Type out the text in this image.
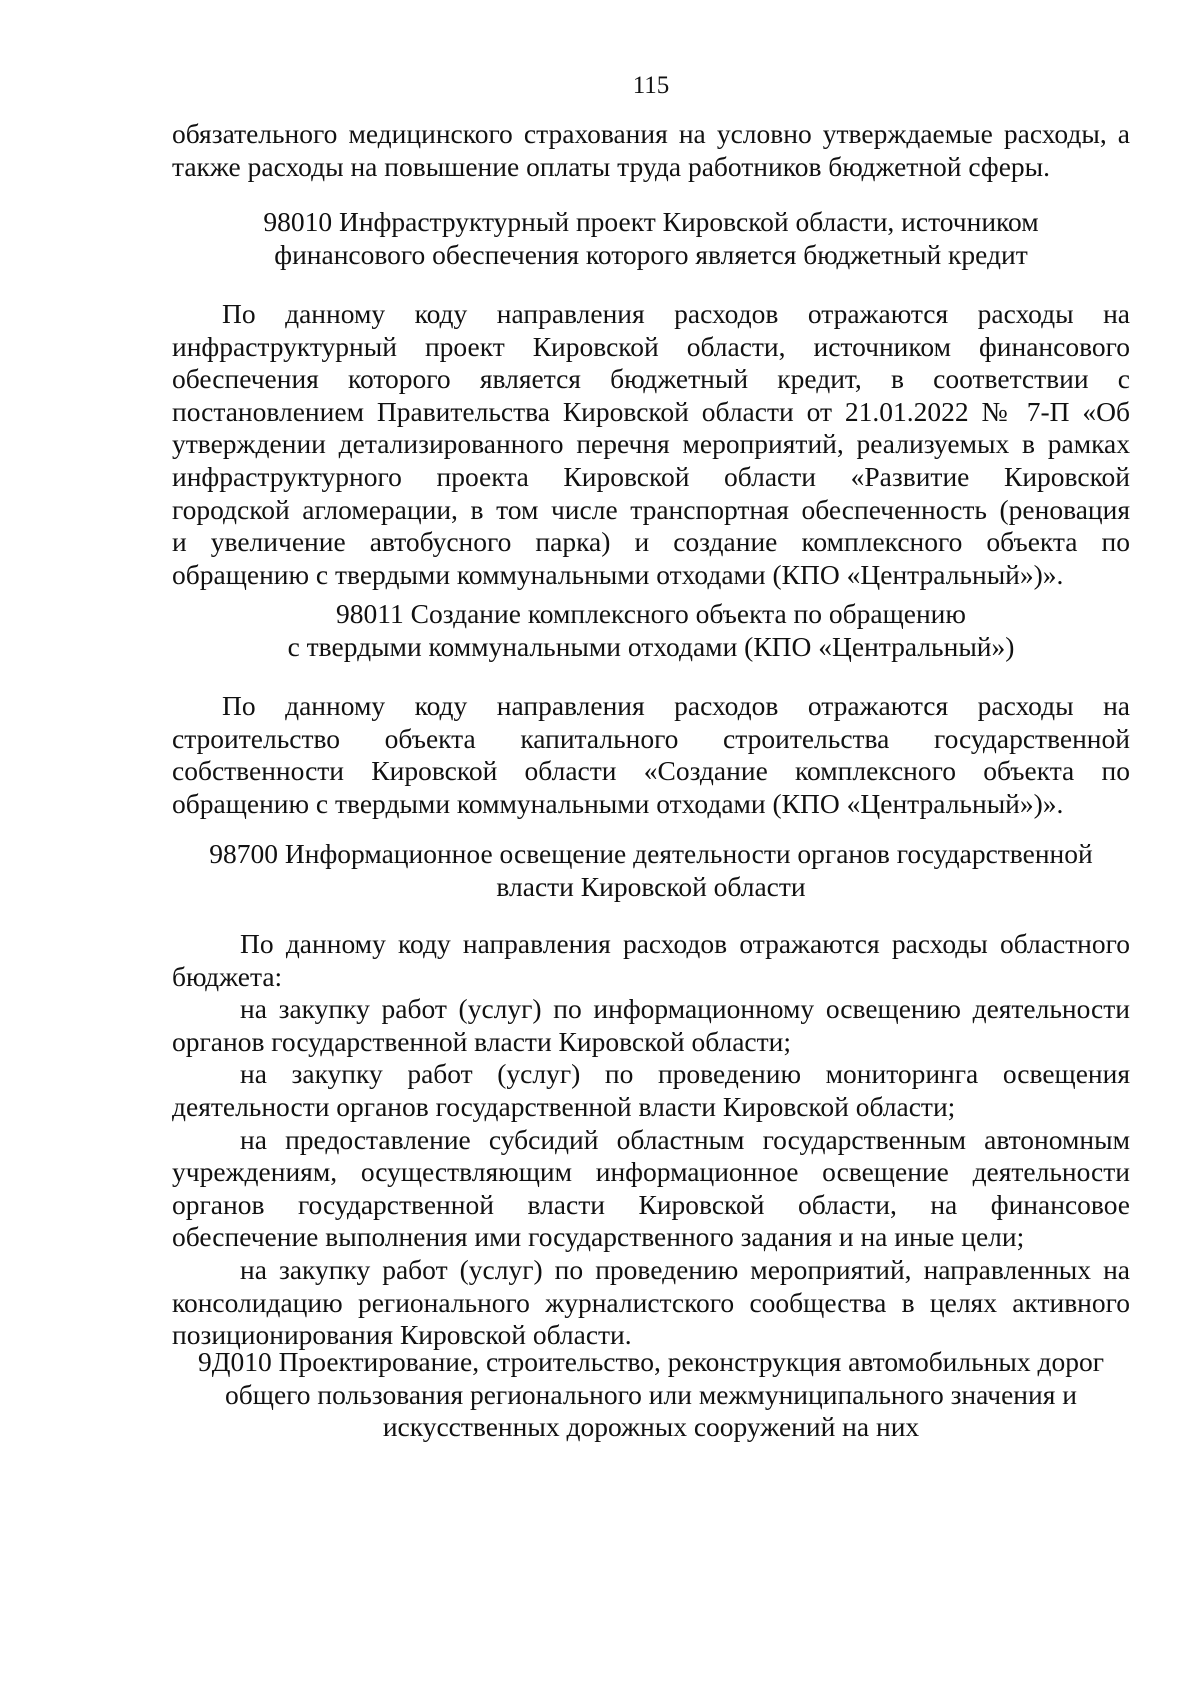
115
обязательного медицинского страхования на условно утверждаемые расходы, а
также расходы на повышение оплаты труда работников бюджетной сферы.
98010 Инфраструктурный проект Кировской области, источником
финансового обеспечения которого является бюджетный кредит
По данному коду направления расходов отражаются расходы на
инфраструктурный проект Кировской области, источником финансового
обеспечения которого является бюджетный кредит, в соответствии с
постановлением Правительства Кировской области от 21.01.2022 № 7-П «Об
утверждении детализированного перечня мероприятий, реализуемых в рамках
инфраструктурного проекта Кировской области «Развитие Кировской
городской агломерации, в том числе транспортная обеспеченность (реновация
и увеличение автобусного парка) и создание комплексного объекта по
обращению с твердыми коммунальными отходами (КПО «Центральный»)».
98011 Создание комплексного объекта по обращению
с твердыми коммунальными отходами (КПО «Центральный»)
По данному коду направления расходов отражаются расходы на
строительство объекта капитального строительства государственной
собственности Кировской области «Создание комплексного объекта по
обращению с твердыми коммунальными отходами (КПО «Центральный»)».
98700 Информационное освещение деятельности органов государственной
власти Кировской области
По данному коду направления расходов отражаются расходы областного
бюджета:
на закупку работ (услуг) по информационному освещению деятельности
органов государственной власти Кировской области;
на закупку работ (услуг) по проведению мониторинга освещения
деятельности органов государственной власти Кировской области;
на предоставление субсидий областным государственным автономным
учреждениям, осуществляющим информационное освещение деятельности
органов государственной власти Кировской области, на финансовое
обеспечение выполнения ими государственного задания и на иные цели;
на закупку работ (услуг) по проведению мероприятий, направленных на
консолидацию регионального журналистского сообщества в целях активного
позиционирования Кировской области.
9Д010 Проектирование, строительство, реконструкция автомобильных дорог
общего пользования регионального или межмуниципального значения и
искусственных дорожных сооружений на них
